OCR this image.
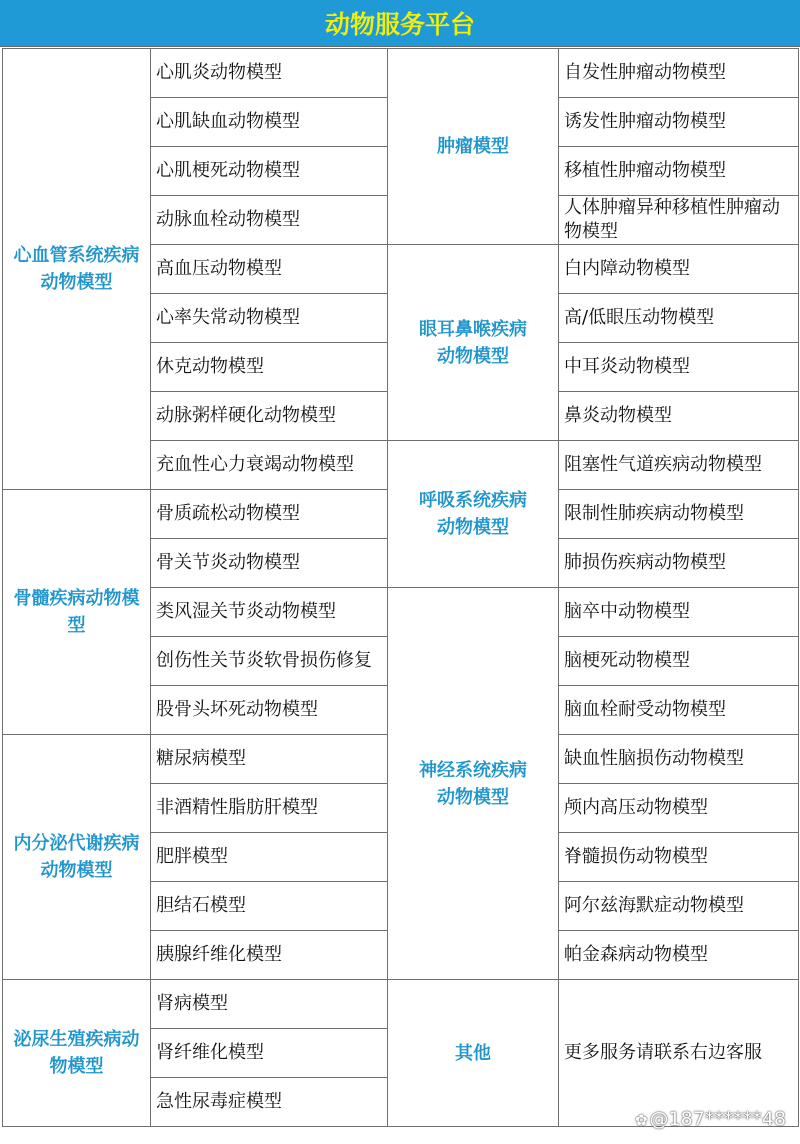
动物服务平台
心血管系统疾病动物模型	心肌炎动物模型	肿瘤模型	自发性肿瘤动物模型
	心肌缺血动物模型		诱发性肿瘤动物模型
	心肌梗死动物模型		移植性肿瘤动物模型
	动脉血栓动物模型		人体肿瘤异种移植性肿瘤动物模型
	高血压动物模型	眼耳鼻喉疾病动物模型	白内障动物模型
	心率失常动物模型		高/低眼压动物模型
	休克动物模型		中耳炎动物模型
	动脉粥样硬化动物模型		鼻炎动物模型
	充血性心力衰竭动物模型	呼吸系统疾病动物模型	阻塞性气道疾病动物模型
骨髓疾病动物模型	骨质疏松动物模型		限制性肺疾病动物模型
	骨关节炎动物模型		肺损伤疾病动物模型
	类风湿关节炎动物模型	神经系统疾病动物模型	脑卒中动物模型
	创伤性关节炎软骨损伤修复		脑梗死动物模型
	股骨头坏死动物模型		脑血栓耐受动物模型
内分泌代谢疾病动物模型	糖尿病模型		缺血性脑损伤动物模型
	非酒精性脂肪肝模型		颅内高压动物模型
	肥胖模型		脊髓损伤动物模型
	胆结石模型		阿尔兹海默症动物模型
	胰腺纤维化模型		帕金森病动物模型
泌尿生殖疾病动物模型	肾病模型	其他	更多服务请联系右边客服
	肾纤维化模型		
	急性尿毒症模型		
✿ @187******48
